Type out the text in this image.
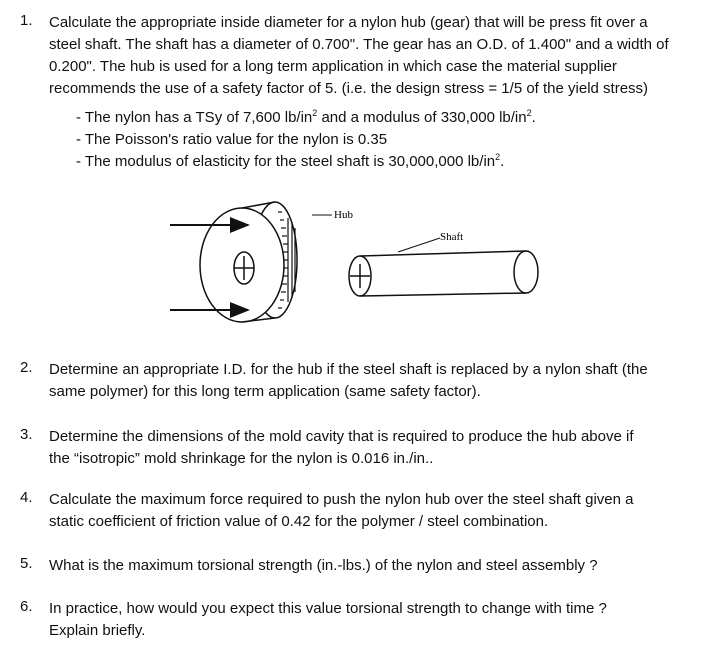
1.	Calculate the appropriate inside diameter for a nylon hub (gear) that will be press fit over a
steel shaft. The shaft has a diameter of 0.700". The gear has an O.D. of 1.400" and a width of
0.200". The hub is used for a long term application in which case the material supplier
recommends the use of a safety factor of 5. (i.e. the design stress = 1/5 of the yield stress)
- The nylon has a TSy of 7,600 $lb/in^2$ and a modulus of 330,000 $lb/in^2$.
- The Poisson's ratio value for the nylon is 0.35
- The modulus of elasticity for the steel shaft is 30,000,000 $lb/in^2$.
Hub
Shaft
2.	Determine an appropriate I.D. for the hub if the steel shaft is replaced by a nylon shaft (the
same polymer) for this long term application (same safety factor).
3.	Determine the dimensions of the mold cavity that is required to produce the hub above if
the “isotropic” mold shrinkage for the nylon is 0.016 in./in..
4.	Calculate the maximum force required to push the nylon hub over the steel shaft given a
static coefficient of friction value of 0.42 for the polymer / steel combination.
5.	What is the maximum torsional strength (in.-lbs.) of the nylon and steel assembly ?
6.	In practice, how would you expect this value torsional strength to change with time ?
Explain briefly.
